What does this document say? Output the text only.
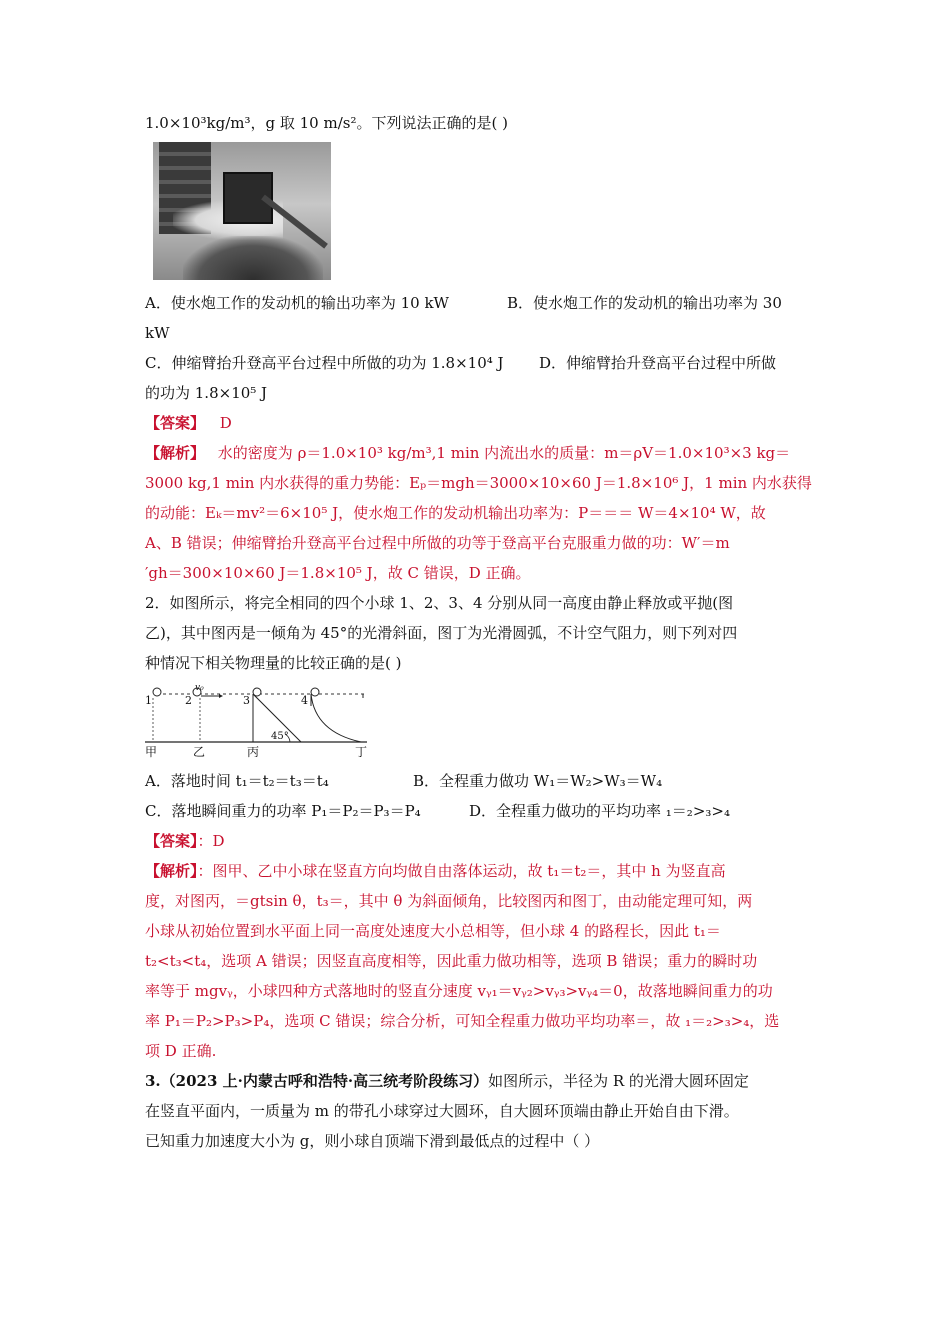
1.0×10³kg/m³，g 取 10 m/s²。下列说法正确的是( )
A．使水炮工作的发动机的输出功率为 10 kW	B．使水炮工作的发动机的输出功率为 30
kW
C．伸缩臂抬升登高平台过程中所做的功为 1.8×10⁴ J D．伸缩臂抬升登高平台过程中所做
的功为 1.8×10⁵ J
【答案】 D
【解析】 水的密度为 ρ＝1.0×10³ kg/m³,1 min 内流出水的质量：m＝ρV＝1.0×10³×3 kg＝
3000 kg,1 min 内水获得的重力势能：Eₚ＝mgh＝3000×10×60 J＝1.8×10⁶ J，1 min 内水获得
的动能：Eₖ＝mv²＝6×10⁵ J，使水炮工作的发动机输出功率为：P＝＝＝ W＝4×10⁴ W，故
A、B 错误；伸缩臂抬升登高平台过程中所做的功等于登高平台克服重力做的功：W′＝m
′gh＝300×10×60 J＝1.8×10⁵ J，故 C 错误，D 正确。
2．如图所示，将完全相同的四个小球 1、2、3、4 分别从同一高度由静止释放或平抛(图
乙)，其中图丙是一倾角为 45°的光滑斜面，图丁为光滑圆弧，不计空气阻力，则下列对四
种情况下相关物理量的比较正确的是( )
1	2	3	4
v₀
45°
甲	乙	丙	丁
A．落地时间 t₁＝t₂＝t₃＝t₄	B．全程重力做功 W₁＝W₂>W₃＝W₄
C．落地瞬间重力的功率 P₁＝P₂＝P₃＝P₄	D．全程重力做功的平均功率 ₁＝₂>₃>₄
【答案】：D
【解析】：图甲、乙中小球在竖直方向均做自由落体运动，故 t₁＝t₂＝，其中 h 为竖直高
度，对图丙，＝gtsin θ，t₃＝，其中 θ 为斜面倾角，比较图丙和图丁，由动能定理可知，两
小球从初始位置到水平面上同一高度处速度大小总相等，但小球 4 的路程长，因此 t₁＝
t₂<t₃<t₄，选项 A 错误；因竖直高度相等，因此重力做功相等，选项 B 错误；重力的瞬时功
率等于 mgvᵧ，小球四种方式落地时的竖直分速度 vᵧ₁＝vᵧ₂>vᵧ₃>vᵧ₄＝0，故落地瞬间重力的功
率 P₁＝P₂>P₃>P₄，选项 C 错误；综合分析，可知全程重力做功平均功率＝，故 ₁＝₂>₃>₄，选
项 D 正确.
3.（2023 上·内蒙古呼和浩特·高三统考阶段练习）如图所示，半径为 R 的光滑大圆环固定
在竖直平面内，一质量为 m 的带孔小球穿过大圆环，自大圆环顶端由静止开始自由下滑。
已知重力加速度大小为 g，则小球自顶端下滑到最低点的过程中（ ）
